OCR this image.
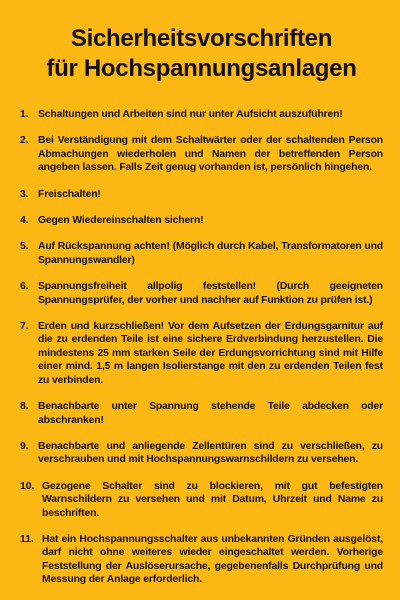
Sicherheitsvorschriften
für Hochspannungsanlagen
1. Schaltungen und Arbeiten sind nur unter Aufsicht auszuführen!
2. Bei Verständigung mit dem Schaltwärter oder der schaltenden Person Abmachungen wiederholen und Namen der betreffenden Person angeben lassen. Falls Zeit genug vorhanden ist, persönlich hingehen.
3. Freischalten!
4. Gegen Wiedereinschalten sichern!
5. Auf Rückspannung achten! (Möglich durch Kabel, Transformatoren und Spannungswandler)
6. Spannungsfreiheit allpolig feststellen! (Durch geeigneten Spannungsprüfer, der vorher und nachher auf Funktion zu prüfen ist.)
7. Erden und kurzschließen! Vor dem Aufsetzen der Erdungsgarnitur auf die zu erdenden Teile ist eine sichere Erdverbindung herzustellen. Die mindestens 25 mm starken Seile der Erdungsvorrichtung sind mit Hilfe einer mind. 1,5 m langen Isolierstange mit den zu erdenden Teilen fest zu verbinden.
8. Benachbarte unter Spannung stehende Teile abdecken oder abschranken!
9. Benachbarte und anliegende Zellentüren sind zu verschließen, zu verschrauben und mit Hochspannungswarnschildern zu versehen.
10. Gezogene Schalter sind zu blockieren, mit gut befestigten Warnschildern zu versehen und mit Datum, Uhrzeit und Name zu beschriften.
11. Hat ein Hochspannungsschalter aus unbekannten Gründen ausgelöst, darf nicht ohne weiteres wieder eingeschaltet werden. Vorherige Feststellung der Auslöserursache, gegebenenfalls Durchprüfung und Messung der Anlage erforderlich.
